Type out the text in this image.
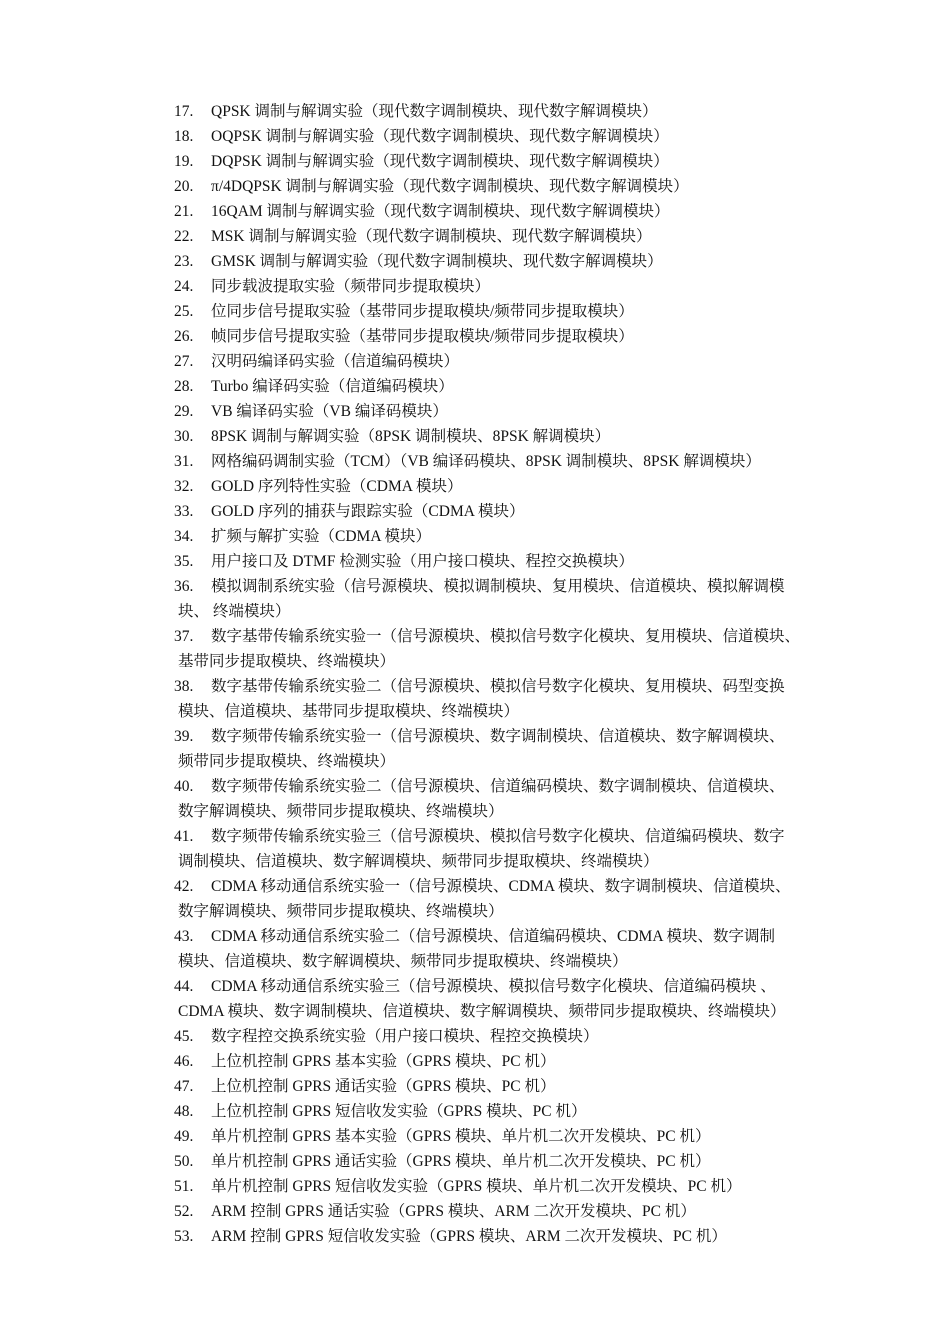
17. QPSK 调制与解调实验（现代数字调制模块、现代数字解调模块）
18. OQPSK 调制与解调实验（现代数字调制模块、现代数字解调模块）
19. DQPSK 调制与解调实验（现代数字调制模块、现代数字解调模块）
20. π/4DQPSK 调制与解调实验（现代数字调制模块、现代数字解调模块）
21. 16QAM 调制与解调实验（现代数字调制模块、现代数字解调模块）
22. MSK 调制与解调实验（现代数字调制模块、现代数字解调模块）
23. GMSK 调制与解调实验（现代数字调制模块、现代数字解调模块）
24. 同步载波提取实验（频带同步提取模块）
25. 位同步信号提取实验（基带同步提取模块/频带同步提取模块）
26. 帧同步信号提取实验（基带同步提取模块/频带同步提取模块）
27. 汉明码编译码实验（信道编码模块）
28. Turbo 编译码实验（信道编码模块）
29. VB 编译码实验（VB 编译码模块）
30. 8PSK 调制与解调实验（8PSK 调制模块、8PSK 解调模块）
31. 网格编码调制实验（TCM）（VB 编译码模块、8PSK 调制模块、8PSK 解调模块）
32. GOLD 序列特性实验（CDMA 模块）
33. GOLD 序列的捕获与跟踪实验（CDMA 模块）
34. 扩频与解扩实验（CDMA 模块）
35. 用户接口及 DTMF 检测实验（用户接口模块、程控交换模块）
36. 模拟调制系统实验（信号源模块、模拟调制模块、复用模块、信道模块、模拟解调模
块、 终端模块）
37. 数字基带传输系统实验一（信号源模块、模拟信号数字化模块、复用模块、信道模块、
基带同步提取模块、终端模块）
38. 数字基带传输系统实验二（信号源模块、模拟信号数字化模块、复用模块、码型变换
模块、信道模块、基带同步提取模块、终端模块）
39. 数字频带传输系统实验一（信号源模块、数字调制模块、信道模块、数字解调模块、
频带同步提取模块、终端模块）
40. 数字频带传输系统实验二（信号源模块、信道编码模块、数字调制模块、信道模块、
数字解调模块、频带同步提取模块、终端模块）
41. 数字频带传输系统实验三（信号源模块、模拟信号数字化模块、信道编码模块、数字
调制模块、信道模块、数字解调模块、频带同步提取模块、终端模块）
42. CDMA 移动通信系统实验一（信号源模块、CDMA 模块、数字调制模块、信道模块、
数字解调模块、频带同步提取模块、终端模块）
43. CDMA 移动通信系统实验二（信号源模块、信道编码模块、CDMA 模块、数字调制
模块、信道模块、数字解调模块、频带同步提取模块、终端模块）
44. CDMA 移动通信系统实验三（信号源模块、模拟信号数字化模块、信道编码模块 、
CDMA 模块、数字调制模块、信道模块、数字解调模块、频带同步提取模块、终端模块）
45. 数字程控交换系统实验（用户接口模块、程控交换模块）
46. 上位机控制 GPRS 基本实验（GPRS 模块、PC 机）
47. 上位机控制 GPRS 通话实验（GPRS 模块、PC 机）
48. 上位机控制 GPRS 短信收发实验（GPRS 模块、PC 机）
49. 单片机控制 GPRS 基本实验（GPRS 模块、单片机二次开发模块、PC 机）
50. 单片机控制 GPRS 通话实验（GPRS 模块、单片机二次开发模块、PC 机）
51. 单片机控制 GPRS 短信收发实验（GPRS 模块、单片机二次开发模块、PC 机）
52. ARM 控制 GPRS 通话实验（GPRS 模块、ARM 二次开发模块、PC 机）
53. ARM 控制 GPRS 短信收发实验（GPRS 模块、ARM 二次开发模块、PC 机）
